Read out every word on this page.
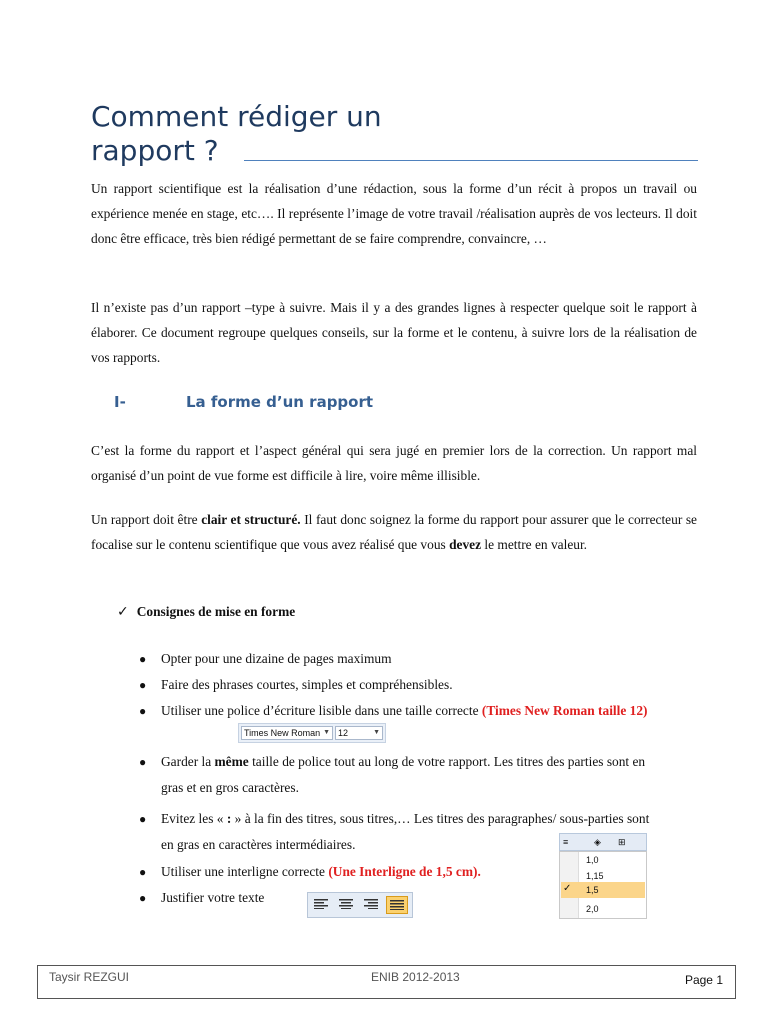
Comment rédiger un rapport ?
Un rapport scientifique est la réalisation d’une rédaction, sous la forme d’un récit à propos un travail ou expérience menée en stage, etc…. Il représente l’image de votre travail /réalisation auprès de vos lecteurs. Il doit donc être efficace, très bien rédigé permettant de se faire comprendre, convaincre, …
Il n’existe pas d’un rapport –type à suivre. Mais il y a des grandes lignes à respecter quelque soit le rapport à élaborer. Ce document regroupe quelques conseils, sur la forme et le contenu, à suivre lors de la réalisation de vos rapports.
I-	La forme d’un rapport
C’est la forme du rapport et l’aspect général qui sera jugé en premier lors de la correction. Un rapport mal organisé d’un point de vue forme est difficile à lire, voire même illisible.
Un rapport doit être clair et structuré. Il faut donc soignez la forme du rapport pour assurer que le correcteur se focalise sur le contenu scientifique que vous avez réalisé que vous devez le mettre en valeur.
✓ Consignes de mise en forme
● Opter pour une dizaine de pages maximum
● Faire des phrases courtes, simples et compréhensibles.
● Utiliser une police d’écriture lisible dans une taille correcte (Times New Roman taille 12)
● Garder la même taille de police tout au long de votre rapport. Les titres des parties sont en gras et en gros caractères.
● Evitez les « : » à la fin des titres, sous titres,… Les titres des paragraphes/ sous-parties sont en gras en caractères intermédiaires.
● Utiliser une interligne correcte (Une Interligne de 1,5 cm).
● Justifier votre texte
Times New Roman ▼ 12	▼
≡	◈ ⊞
✓
1,0
1,15
1,5
2,0
Taysir REZGUI	ENIB 2012-2013	Page 1
